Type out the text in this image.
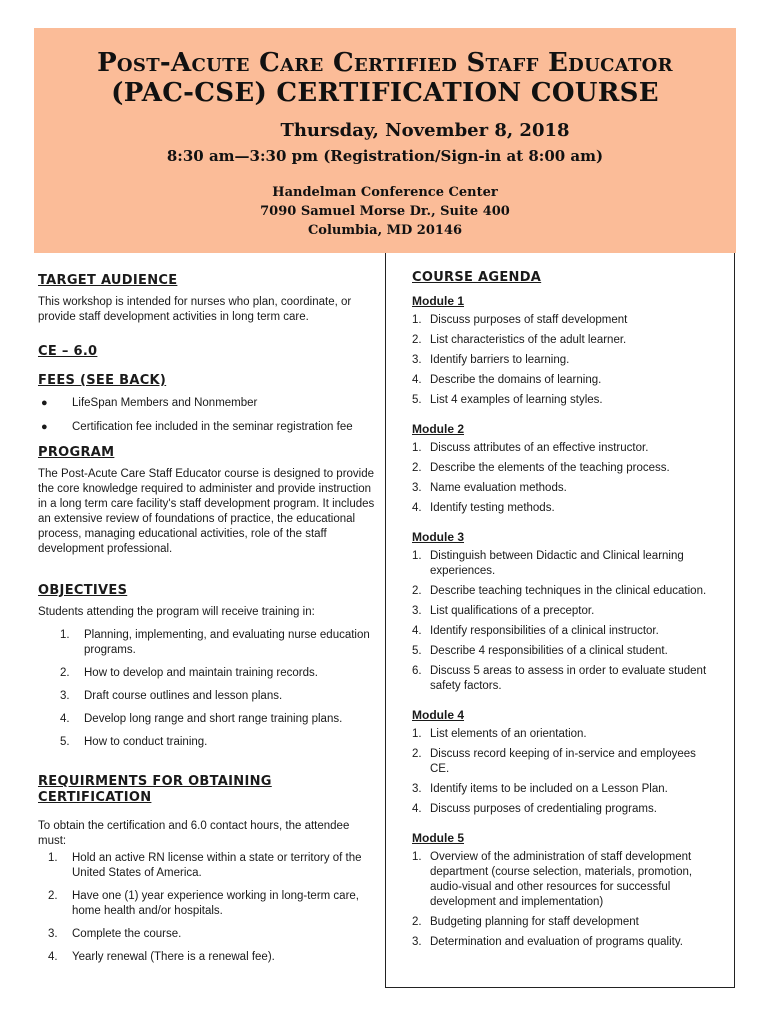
Post-Acute Care Certified Staff Educator
(PAC-CSE) CERTIFICATION COURSE
Thursday, November 8, 2018
8:30 am—3:30 pm (Registration/Sign-in at 8:00 am)
Handelman Conference Center
7090 Samuel Morse Dr., Suite 400
Columbia, MD 20146
TARGET AUDIENCE

This workshop is intended for nurses who plan, coordinate, or provide staff development activities in long term care.

CE – 6.0
FEES (SEE BACK)
● LifeSpan Members and Nonmember
● Certification fee included in the seminar registration fee
PROGRAM

The Post-Acute Care Staff Educator course is designed to provide the core knowledge required to administer and provide instruction in a long term care facility's staff development program. It includes an extensive review of foundations of practice, the educational process, managing educational activities, role of the staff development professional.

OBJECTIVES

Students attending the program will receive training in:

1. Planning, implementing, and evaluating nurse education programs.
2. How to develop and maintain training records.
3. Draft course outlines and lesson plans.
4. Develop long range and short range training plans.
5. How to conduct training.
REQUIRMENTS FOR OBTAINING
CERTIFICATION

To obtain the certification and 6.0 contact hours, the attendee must:

1. Hold an active RN license within a state or territory of the United States of America.
2. Have one (1) year experience working in long-term care, home health and/or hospitals.
3. Complete the course.
4. Yearly renewal (There is a renewal fee).
COURSE AGENDA
Module 1
1. Discuss purposes of staff development
2. List characteristics of the adult learner.
3. Identify barriers to learning.
4. Describe the domains of learning.
5. List 4 examples of learning styles.
Module 2
1. Discuss attributes of an effective instructor.
2. Describe the elements of the teaching process.
3. Name evaluation methods.
4. Identify testing methods.
Module 3
1. Distinguish between Didactic and Clinical learning experiences.
2. Describe teaching techniques in the clinical education.
3. List qualifications of a preceptor.
4. Identify responsibilities of a clinical instructor.
5. Describe 4 responsibilities of a clinical student.
6. Discuss 5 areas to assess in order to evaluate student safety factors.
Module 4
1. List elements of an orientation.
2. Discuss record keeping of in-service and employees CE.
3. Identify items to be included on a Lesson Plan.
4. Discuss purposes of credentialing programs.
Module 5
1. Overview of the administration of staff development department (course selection, materials, promotion, audio-visual and other resources for successful development and implementation)
2. Budgeting planning for staff development
3. Determination and evaluation of programs quality.
